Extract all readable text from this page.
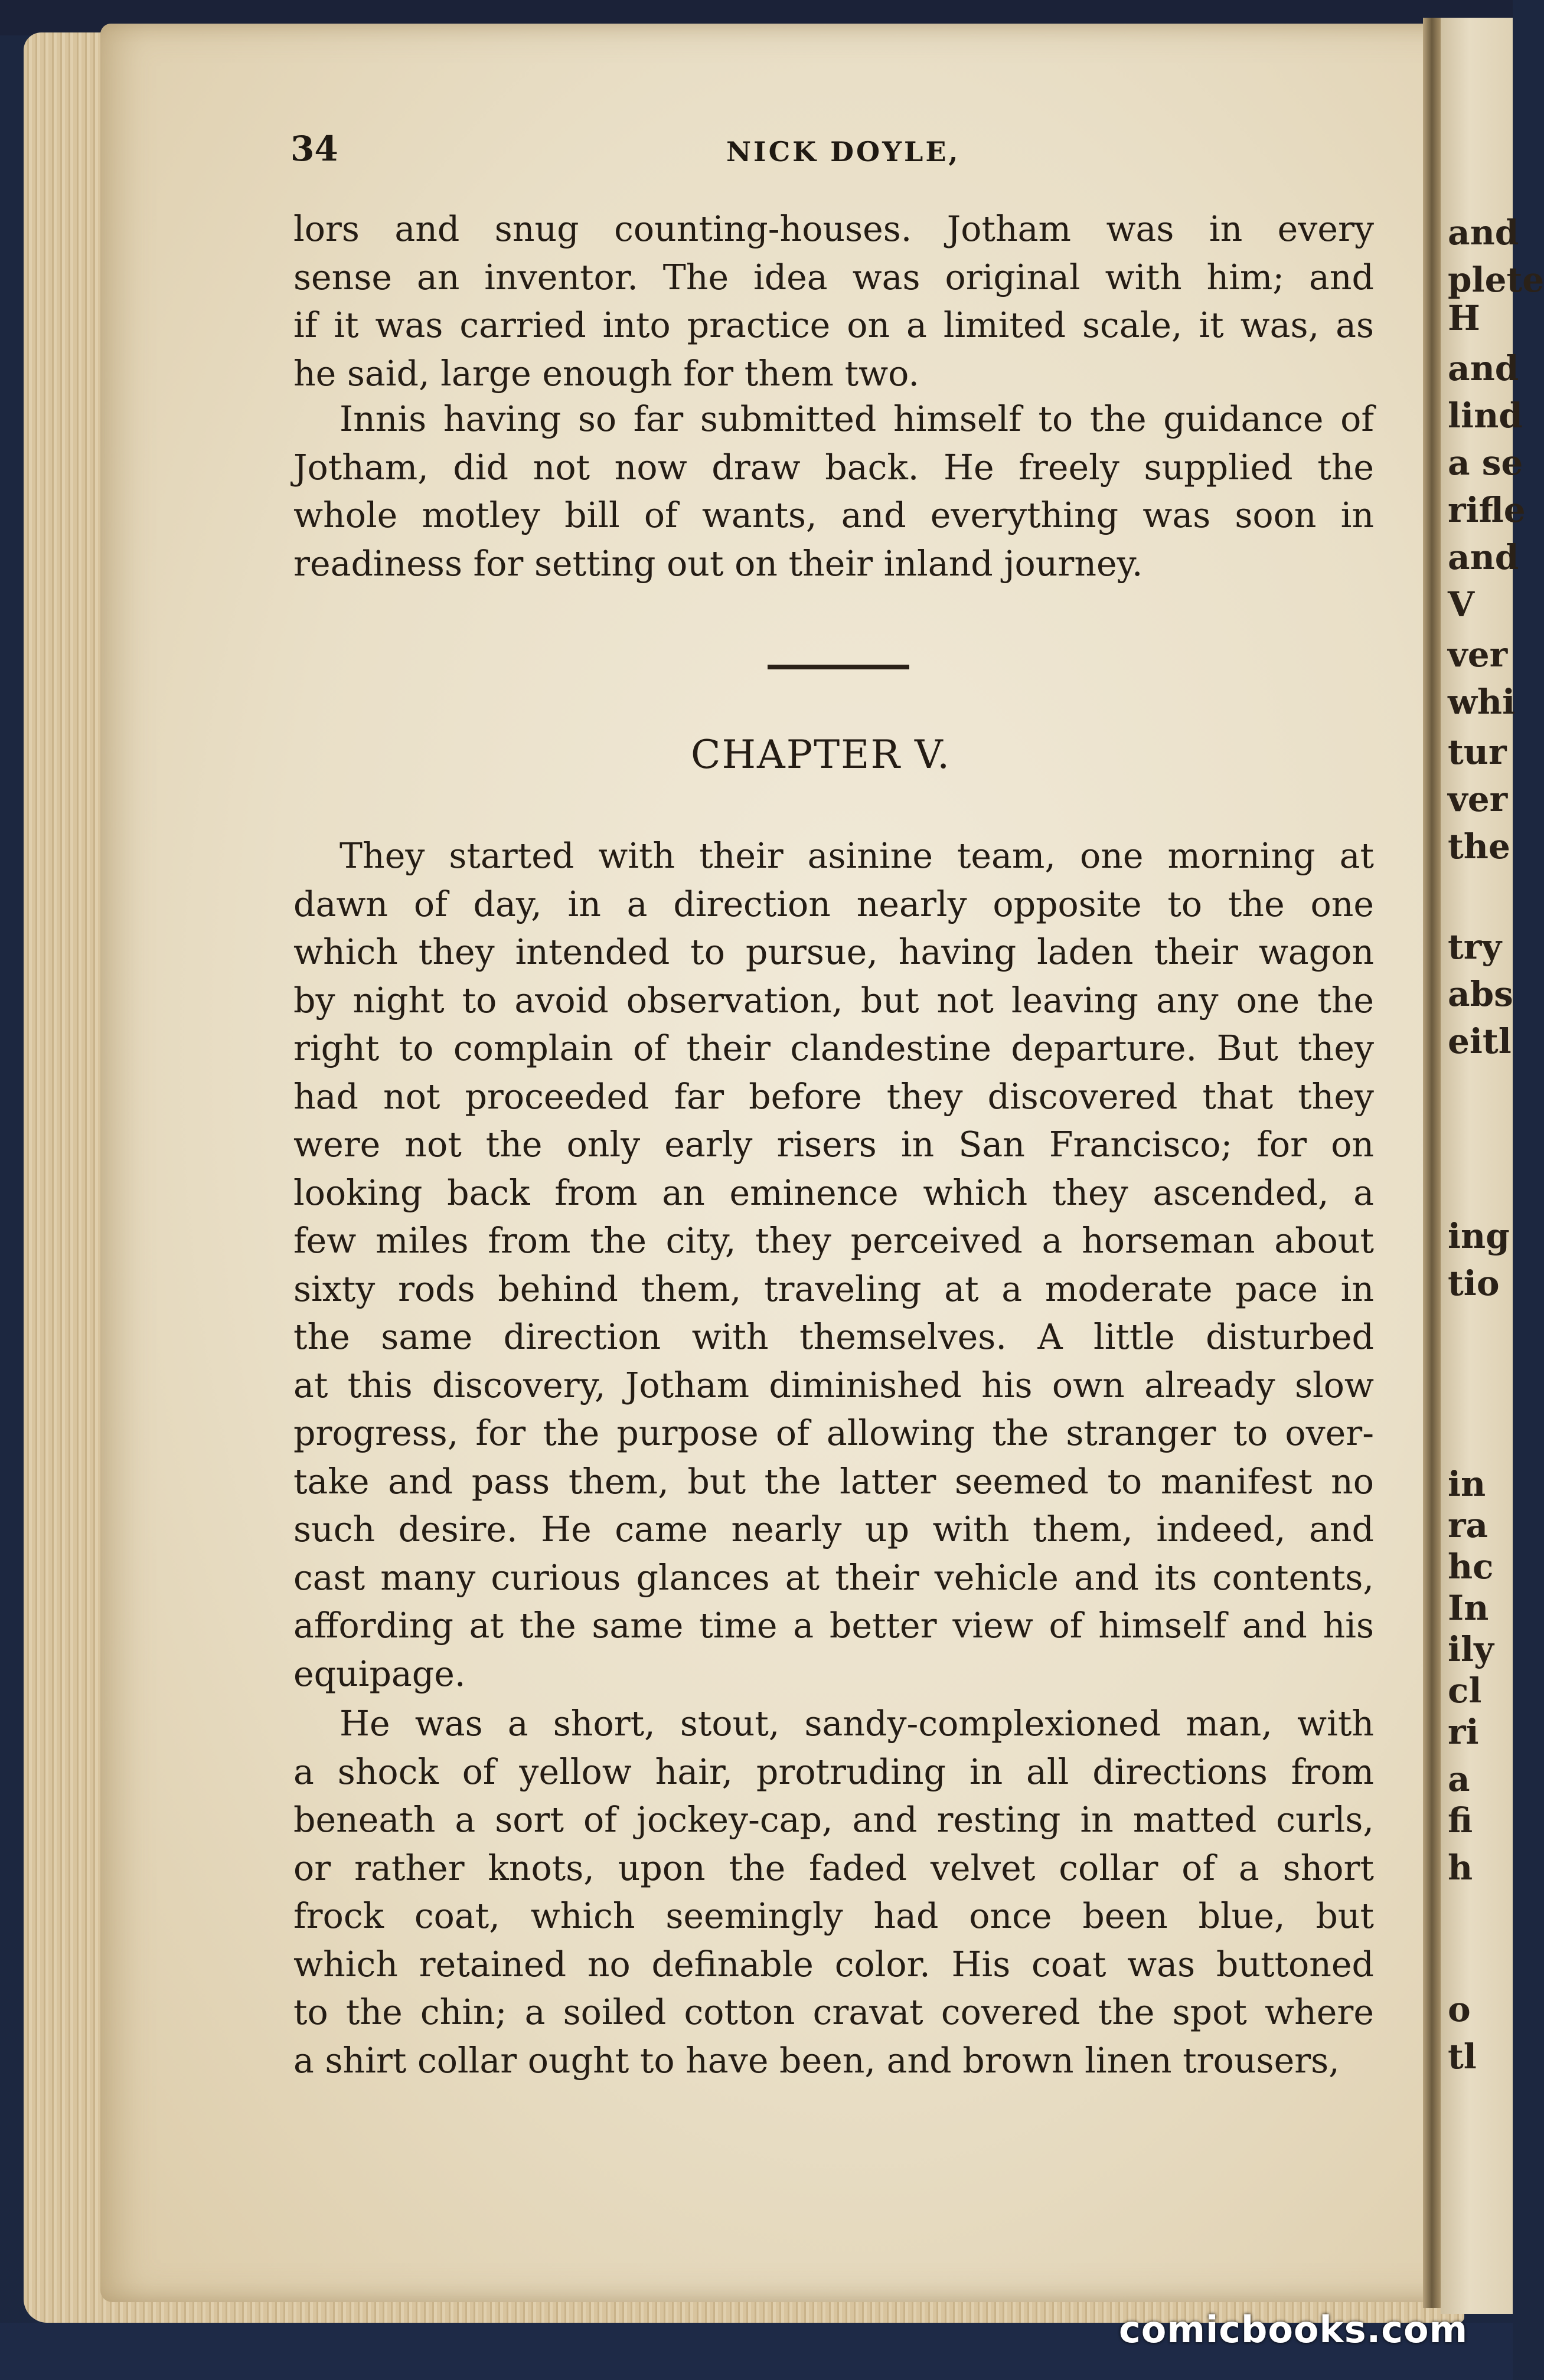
and
plete
H
and
lind
a se
rifle
and
V
ver
whi
tur
ver
the
try
abs
eitl
ing
tio
in
ra
hc
In
ily
cl
ri
a
fi
h
o
tl
34	NICK DOYLE,
lors and snug counting-houses. Jotham was in every
sense an inventor. The idea was original with him; and
if it was carried into practice on a limited scale, it was, as
he said, large enough for them two.
Innis having so far submitted himself to the guidance of
Jotham, did not now draw back. He freely supplied the
whole motley bill of wants, and everything was soon in
readiness for setting out on their inland journey.
CHAPTER V.
They started with their asinine team, one morning at
dawn of day, in a direction nearly opposite to the one
which they intended to pursue, having laden their wagon
by night to avoid observation, but not leaving any one the
right to complain of their clandestine departure. But they
had not proceeded far before they discovered that they
were not the only early risers in San Francisco; for on
looking back from an eminence which they ascended, a
few miles from the city, they perceived a horseman about
sixty rods behind them, traveling at a moderate pace in
the same direction with themselves. A little disturbed
at this discovery, Jotham diminished his own already slow
progress, for the purpose of allowing the stranger to over-
take and pass them, but the latter seemed to manifest no
such desire. He came nearly up with them, indeed, and
cast many curious glances at their vehicle and its contents,
affording at the same time a better view of himself and his
equipage.
He was a short, stout, sandy-complexioned man, with
a shock of yellow hair, protruding in all directions from
beneath a sort of jockey-cap, and resting in matted curls,
or rather knots, upon the faded velvet collar of a short
frock coat, which seemingly had once been blue, but
which retained no definable color. His coat was buttoned
to the chin; a soiled cotton cravat covered the spot where
a shirt collar ought to have been, and brown linen trousers,
comicbooks.com
